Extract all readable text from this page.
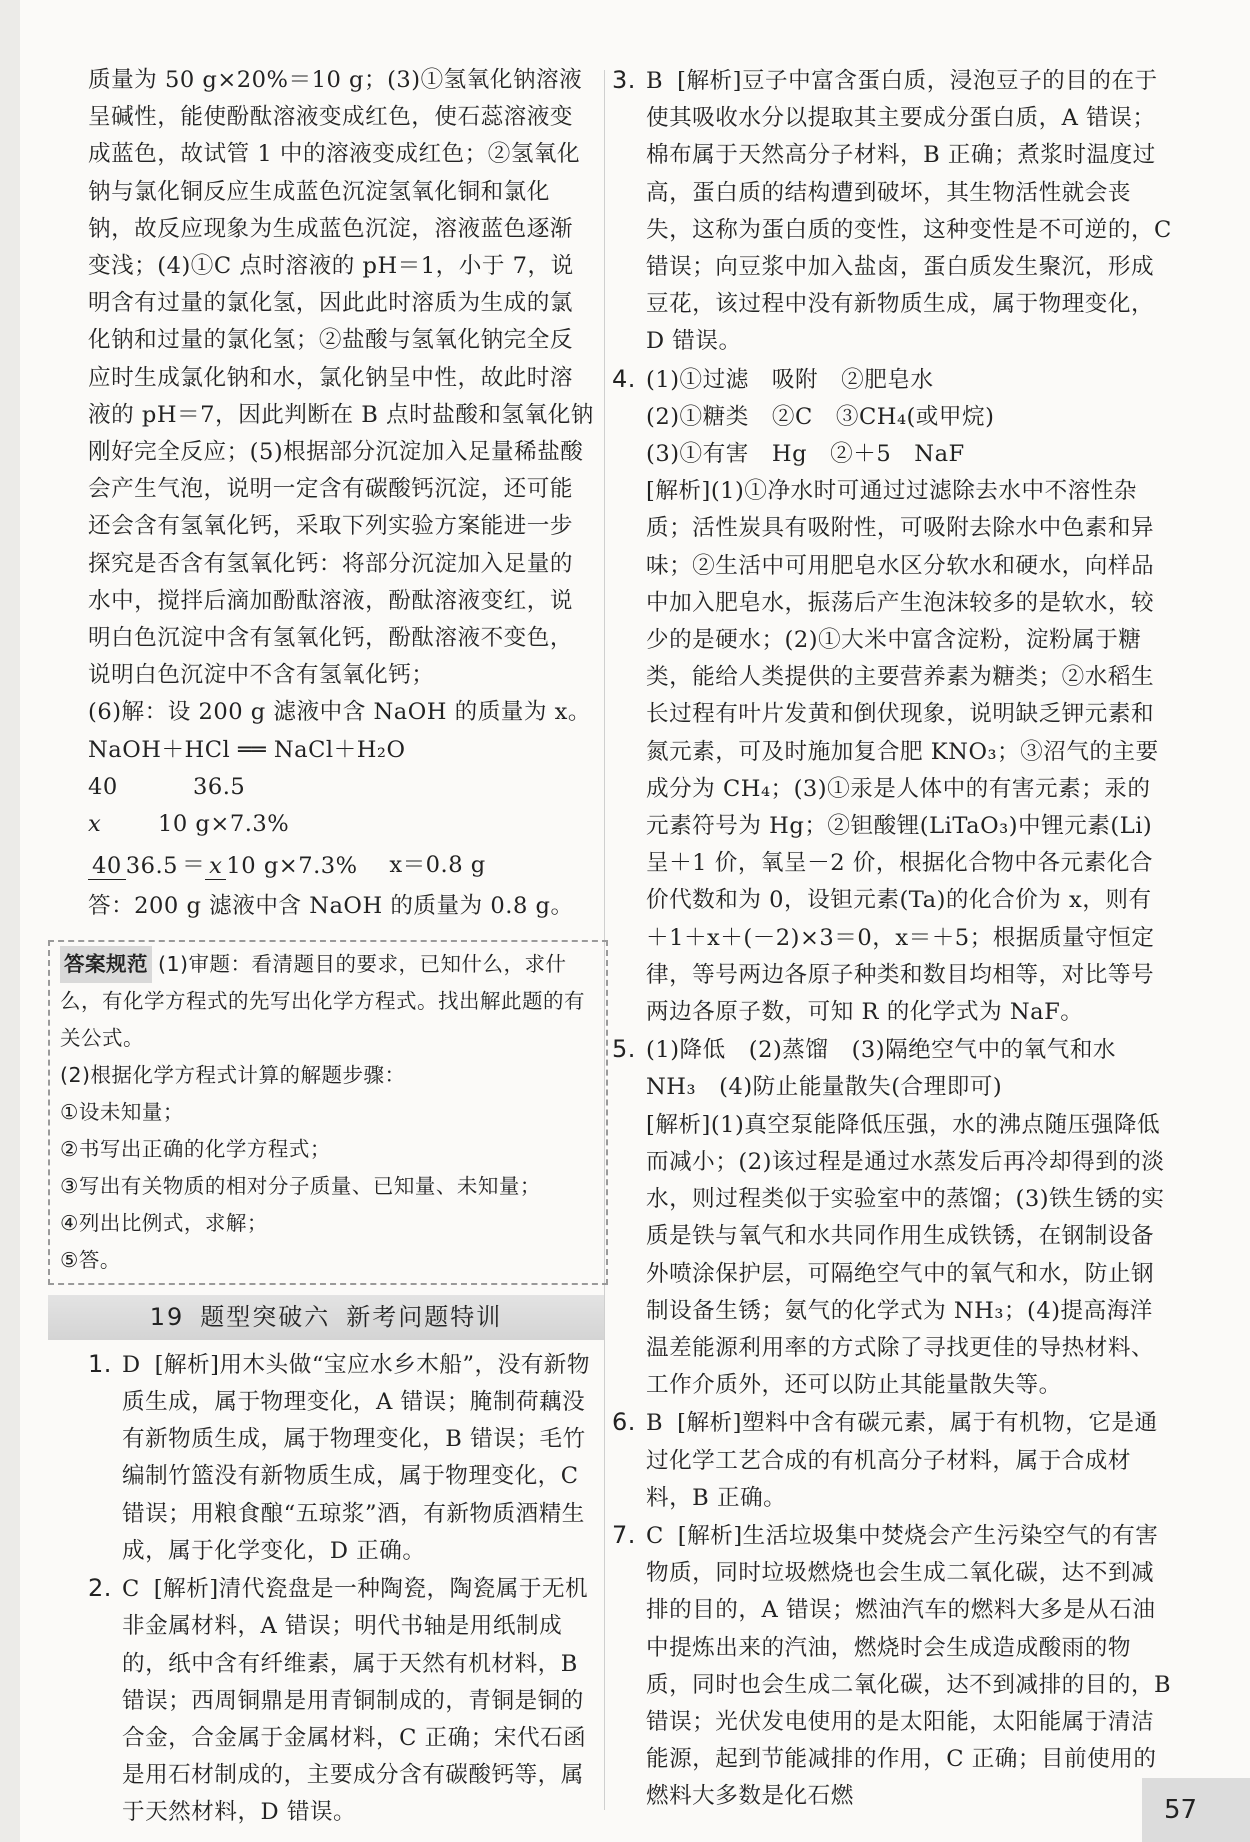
质量为 50 g×20%＝10 g；(3)①氢氧化钠溶液呈碱性，能使酚酞溶液变成红色，使石蕊溶液变成蓝色，故试管 1 中的溶液变成红色；②氢氧化钠与氯化铜反应生成蓝色沉淀氢氧化铜和氯化钠，故反应现象为生成蓝色沉淀，溶液蓝色逐渐变浅；(4)①C 点时溶液的 pH＝1，小于 7，说明含有过量的氯化氢，因此此时溶质为生成的氯化钠和过量的氯化氢；②盐酸与氢氧化钠完全反应时生成氯化钠和水，氯化钠呈中性，故此时溶液的 pH＝7，因此判断在 B 点时盐酸和氢氧化钠刚好完全反应；(5)根据部分沉淀加入足量稀盐酸会产生气泡，说明一定含有碳酸钙沉淀，还可能还会含有氢氧化钙，采取下列实验方案能进一步探究是否含有氢氧化钙：将部分沉淀加入足量的水中，搅拌后滴加酚酞溶液，酚酞溶液变红，说明白色沉淀中含有氢氧化钙，酚酞溶液不变色，说明白色沉淀中不含有氢氧化钙；

(6)解：设 200 g 滤液中含 NaOH 的质量为 x。

NaOH＋HCl ══ NaCl＋H₂O

40	36.5

x	10 g×7.3%

40 36.5 ＝ x 10 g×7.3% x＝0.8 g

答：200 g 滤液中含 NaOH 的质量为 0.8 g。

答案规范 (1)审题：看清题目的要求，已知什么，求什么，有化学方程式的先写出化学方程式。找出解此题的有关公式。

(2)根据化学方程式计算的解题步骤：

①设未知量；

②书写出正确的化学方程式；

③写出有关物质的相对分子质量、已知量、未知量；

④列出比例式，求解；

⑤答。

19 题型突破六 新考问题特训

1. D [ 解析 ] 用木头做“宝应水乡木船”，没有新物质生成，属于物理变化，A 错误；腌制荷藕没有新物质生成，属于物理变化，B 错误；毛竹编制竹篮没有新物质生成，属于物理变化，C 错误；用粮食酿“五琼浆”酒，有新物质酒精生成，属于化学变化，D 正确。

2. C [ 解析 ] 清代瓷盘是一种陶瓷，陶瓷属于无机非金属材料，A 错误；明代书轴是用纸制成的，纸中含有纤维素，属于天然有机材料，B 错误；西周铜鼎是用青铜制成的，青铜是铜的合金，合金属于金属材料，C 正确；宋代石函是用石材制成的，主要成分含有碳酸钙等，属于天然材料，D 错误。

3. B [ 解析 ] 豆子中富含蛋白质，浸泡豆子的目的在于使其吸收水分以提取其主要成分蛋白质，A 错误；棉布属于天然高分子材料，B 正确；煮浆时温度过高，蛋白质的结构遭到破坏，其生物活性就会丧失，这称为蛋白质的变性，这种变性是不可逆的，C 错误；向豆浆中加入盐卤，蛋白质发生聚沉，形成豆花，该过程中没有新物质生成，属于物理变化，D 错误。

4. (1)①过滤　吸附　②肥皂水

(2)①糖类　②C　③CH₄(或甲烷)

(3)①有害　Hg　②＋5　NaF

[ 解析 ] (1)①净水时可通过过滤除去水中不溶性杂质；活性炭具有吸附性，可吸附去除水中色素和异味；②生活中可用肥皂水区分软水和硬水，向样品中加入肥皂水，振荡后产生泡沫较多的是软水，较少的是硬水；(2)①大米中富含淀粉，淀粉属于糖类，能给人类提供的主要营养素为糖类；②水稻生长过程有叶片发黄和倒伏现象，说明缺乏钾元素和氮元素，可及时施加复合肥 KNO₃；③沼气的主要成分为 CH₄；(3)①汞是人体中的有害元素；汞的元素符号为 Hg；②钽酸锂(LiTaO₃)中锂元素(Li)呈＋1 价，氧呈－2 价，根据化合物中各元素化合价代数和为 0，设钽元素(Ta)的化合价为 x，则有＋1＋x＋(－2)×3＝0，x＝＋5；根据质量守恒定律，等号两边各原子种类和数目均相等，对比等号两边各原子数，可知 R 的化学式为 NaF。

5. (1)降低　(2)蒸馏　(3)隔绝空气中的氧气和水

NH₃　(4)防止能量散失(合理即可)

[ 解析 ] (1)真空泵能降低压强，水的沸点随压强降低而减小；(2)该过程是通过水蒸发后再冷却得到的淡水，则过程类似于实验室中的蒸馏；(3)铁生锈的实质是铁与氧气和水共同作用生成铁锈，在钢制设备外喷涂保护层，可隔绝空气中的氧气和水，防止钢制设备生锈；氨气的化学式为 NH₃；(4)提高海洋温差能源利用率的方式除了寻找更佳的导热材料、工作介质外，还可以防止其能量散失等。

6. B [ 解析 ] 塑料中含有碳元素，属于有机物，它是通过化学工艺合成的有机高分子材料，属于合成材料，B 正确。

7. C [ 解析 ] 生活垃圾集中焚烧会产生污染空气的有害物质，同时垃圾燃烧也会生成二氧化碳，达不到减排的目的，A 错误；燃油汽车的燃料大多是从石油中提炼出来的汽油，燃烧时会生成造成酸雨的物质，同时也会生成二氧化碳，达不到减排的目的，B 错误；光伏发电使用的是太阳能，太阳能属于清洁能源，起到节能减排的作用，C 正确；目前使用的燃料大多数是化石燃	57
